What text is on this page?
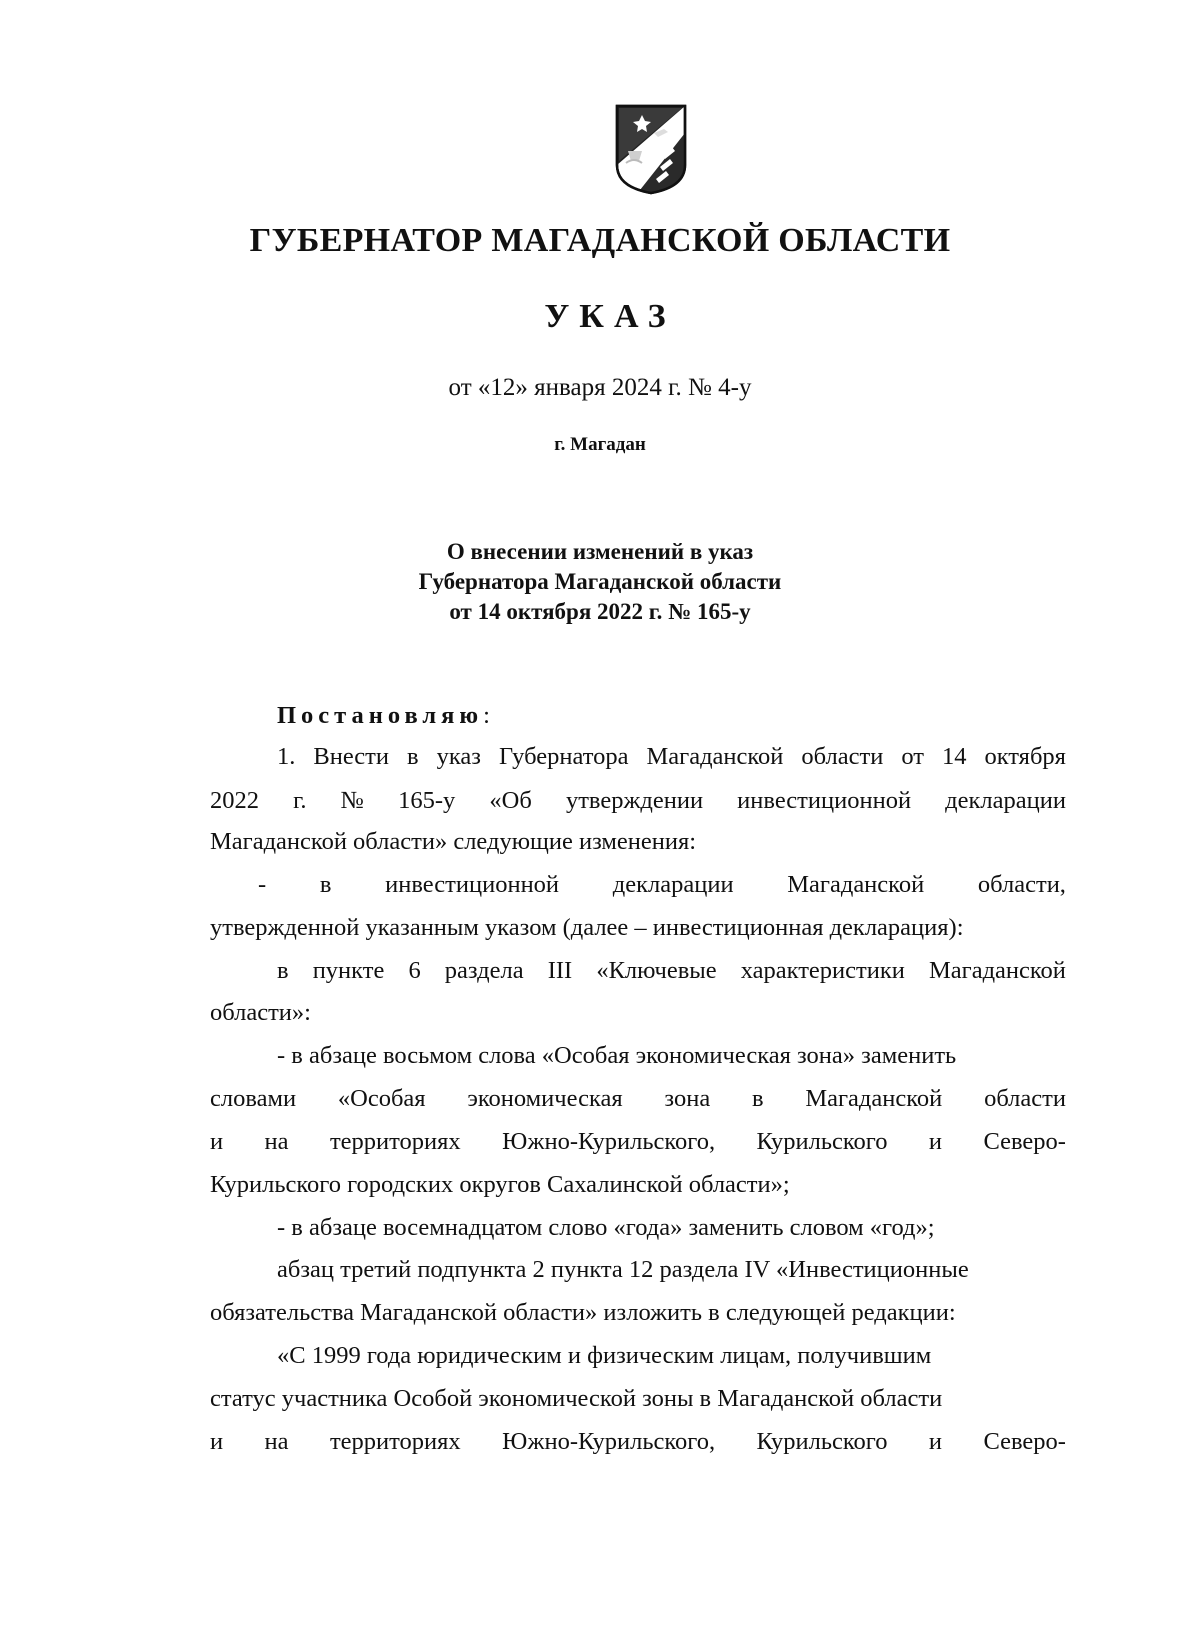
ГУБЕРНАТОР МАГАДАНСКОЙ ОБЛАСТИ
УКАЗ
от «12» января 2024 г. № 4-у
г. Магадан
О внесении изменений в указ
Губернатора Магаданской области
от 14 октября 2022 г. № 165-у
Постановляю:
1. Внести в указ Губернатора Магаданской области от 14 октября
2022 г. № 165-у «Об утверждении инвестиционной декларации
Магаданской области» следующие изменения:
- в инвестиционной декларации Магаданской области,
утвержденной указанным указом (далее – инвестиционная декларация):
в пункте 6 раздела III «Ключевые характеристики Магаданской
области»:
- в абзаце восьмом слова «Особая экономическая зона» заменить
словами «Особая экономическая зона в Магаданской области
и на территориях Южно-Курильского, Курильского и Северо-
Курильского городских округов Сахалинской области»;
- в абзаце восемнадцатом слово «года» заменить словом «год»;
абзац третий подпункта 2 пункта 12 раздела IV «Инвестиционные
обязательства Магаданской области» изложить в следующей редакции:
«С 1999 года юридическим и физическим лицам, получившим
статус участника Особой экономической зоны в Магаданской области
и на территориях Южно-Курильского, Курильского и Северо-
